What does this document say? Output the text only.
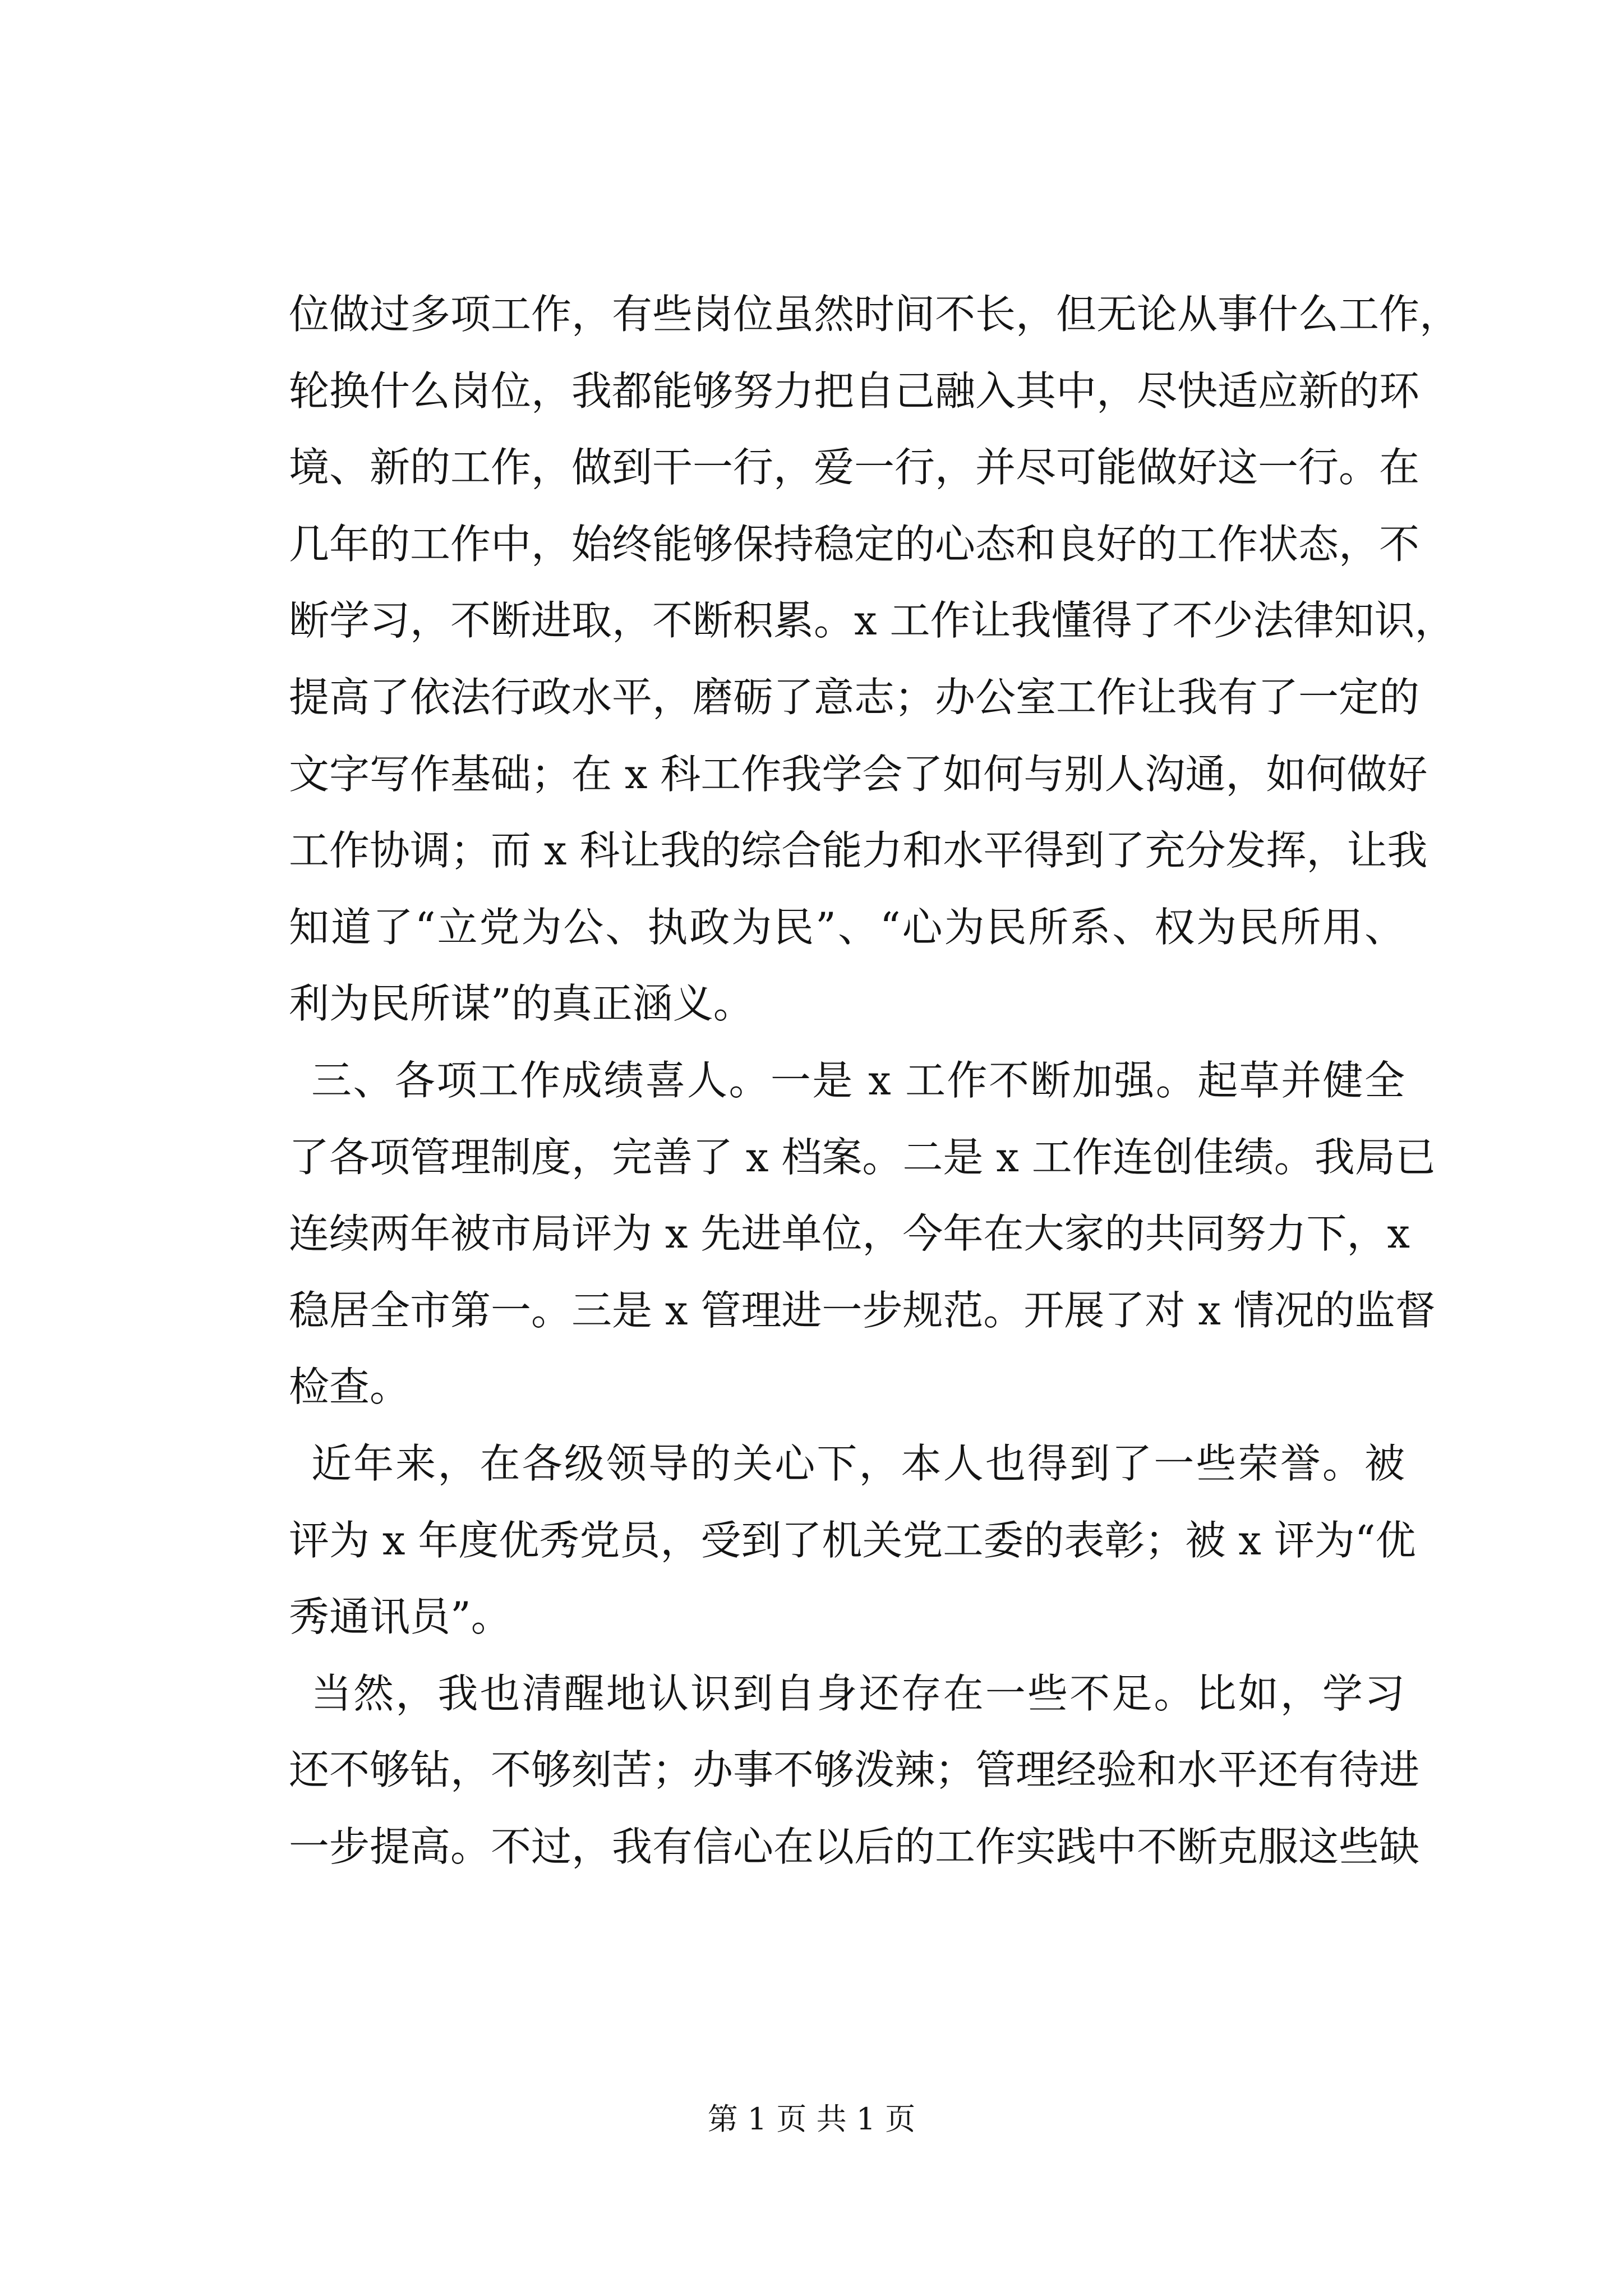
位做过多项工作，有些岗位虽然时间不长，但无论从事什么工作，
轮换什么岗位，我都能够努力把自己融入其中，尽快适应新的环
境、新的工作，做到干一行，爱一行，并尽可能做好这一行。在
几年的工作中，始终能够保持稳定的心态和良好的工作状态，不
断学习，不断进取，不断积累。x 工作让我懂得了不少法律知识，
提高了依法行政水平，磨砺了意志；办公室工作让我有了一定的
文字写作基础；在 x 科工作我学会了如何与别人沟通，如何做好
工作协调；而 x 科让我的综合能力和水平得到了充分发挥，让我
知道了“立党为公、执政为民”、“心为民所系、权为民所用、
利为民所谋”的真正涵义。
三、各项工作成绩喜人。一是 x 工作不断加强。起草并健全
了各项管理制度，完善了 x 档案。二是 x 工作连创佳绩。我局已
连续两年被市局评为 x 先进单位，今年在大家的共同努力下，x
稳居全市第一。三是 x 管理进一步规范。开展了对 x 情况的监督
检查。
近年来，在各级领导的关心下，本人也得到了一些荣誉。被
评为 x 年度优秀党员，受到了机关党工委的表彰；被 x 评为“优
秀通讯员”。
当然，我也清醒地认识到自身还存在一些不足。比如，学习
还不够钻，不够刻苦；办事不够泼辣；管理经验和水平还有待进
一步提高。不过，我有信心在以后的工作实践中不断克服这些缺
第 1 页 共 1 页
